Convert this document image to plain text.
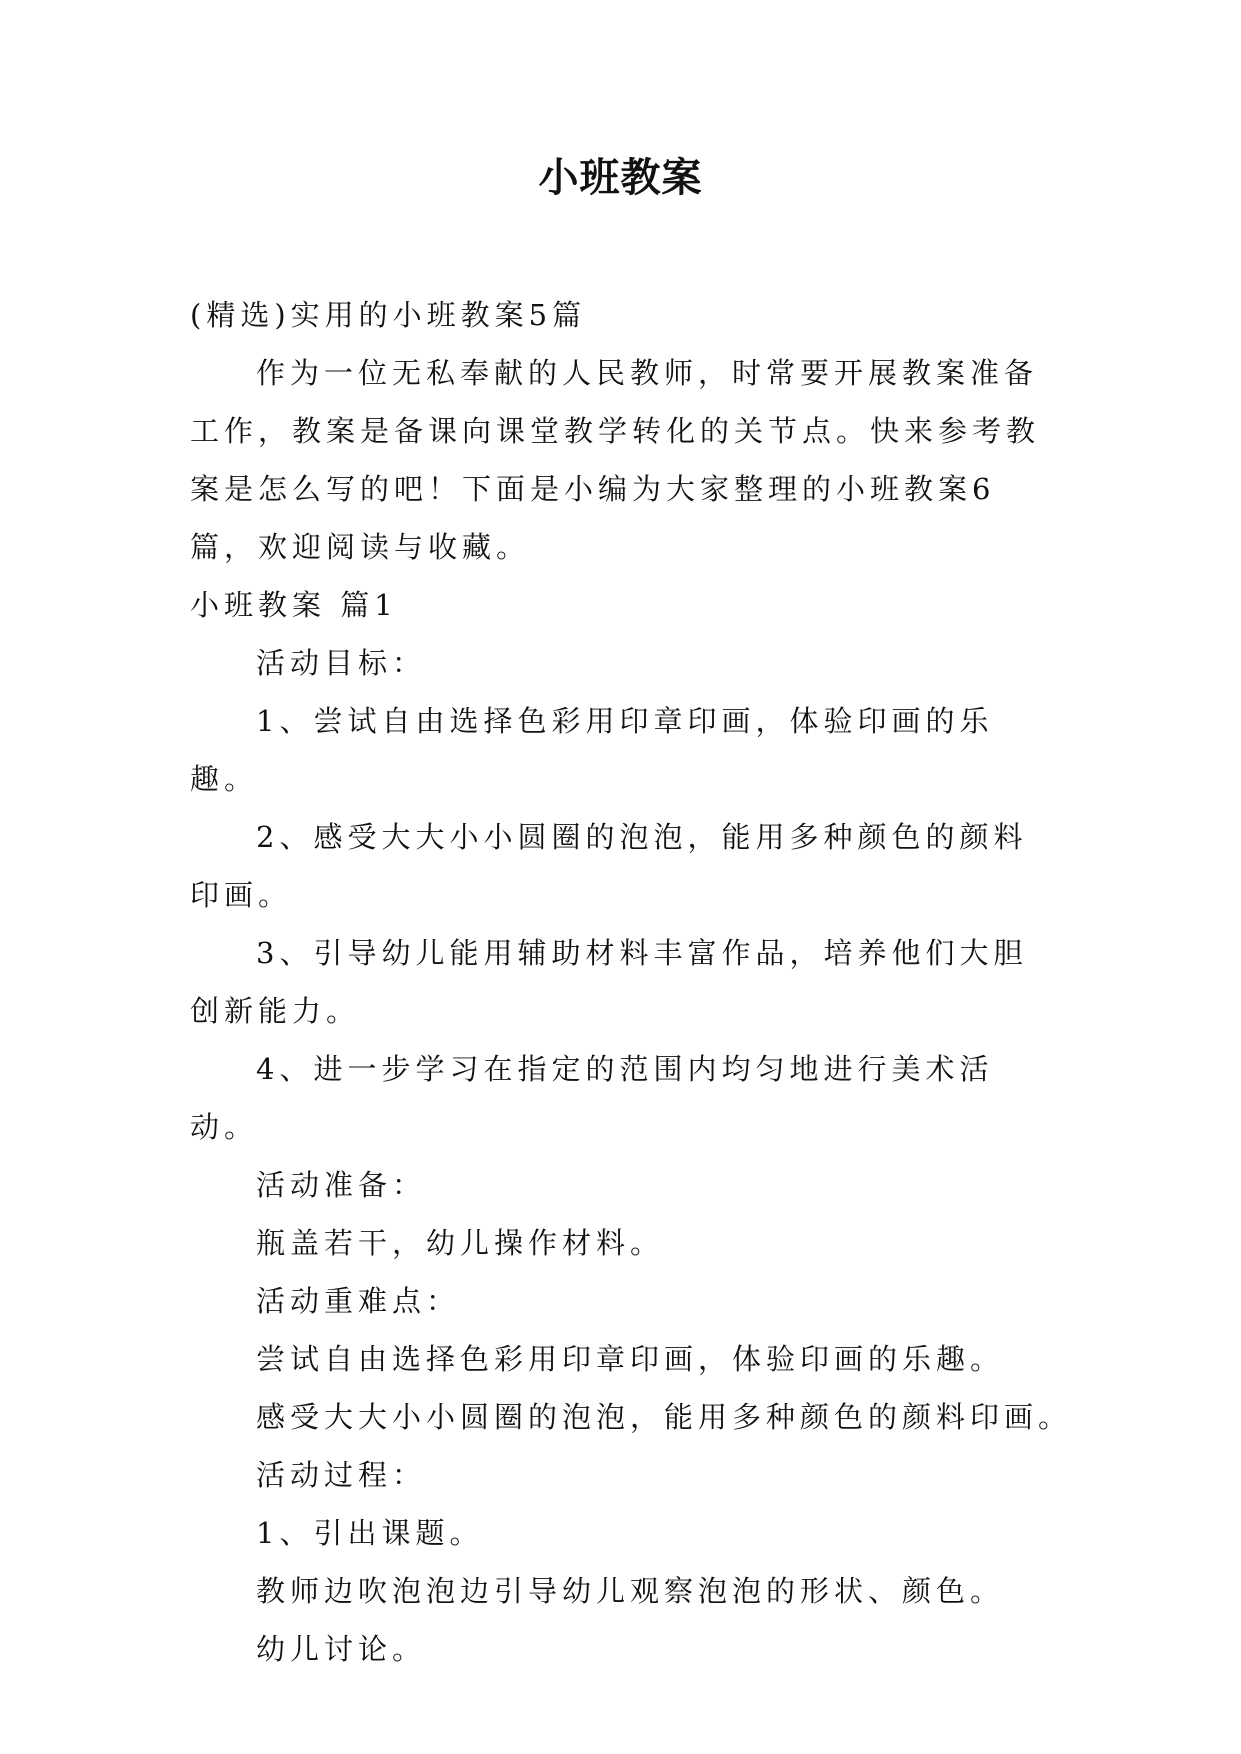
小班教案

(精选)实用的小班教案5篇

作为一位无私奉献的人民教师，时常要开展教案准备工作，教案是备课向课堂教学转化的关节点。快来参考教案是怎么写的吧！下面是小编为大家整理的小班教案6篇，欢迎阅读与收藏。

小班教案 篇1

活动目标：

1、尝试自由选择色彩用印章印画，体验印画的乐趣。

2、感受大大小小圆圈的泡泡，能用多种颜色的颜料印画。

3、引导幼儿能用辅助材料丰富作品，培养他们大胆创新能力。

4、进一步学习在指定的范围内均匀地进行美术活动。

活动准备：

瓶盖若干，幼儿操作材料。

活动重难点：

尝试自由选择色彩用印章印画，体验印画的乐趣。

感受大大小小圆圈的泡泡，能用多种颜色的颜料印画。

活动过程：

1、引出课题。

教师边吹泡泡边引导幼儿观察泡泡的形状、颜色。

幼儿讨论。
